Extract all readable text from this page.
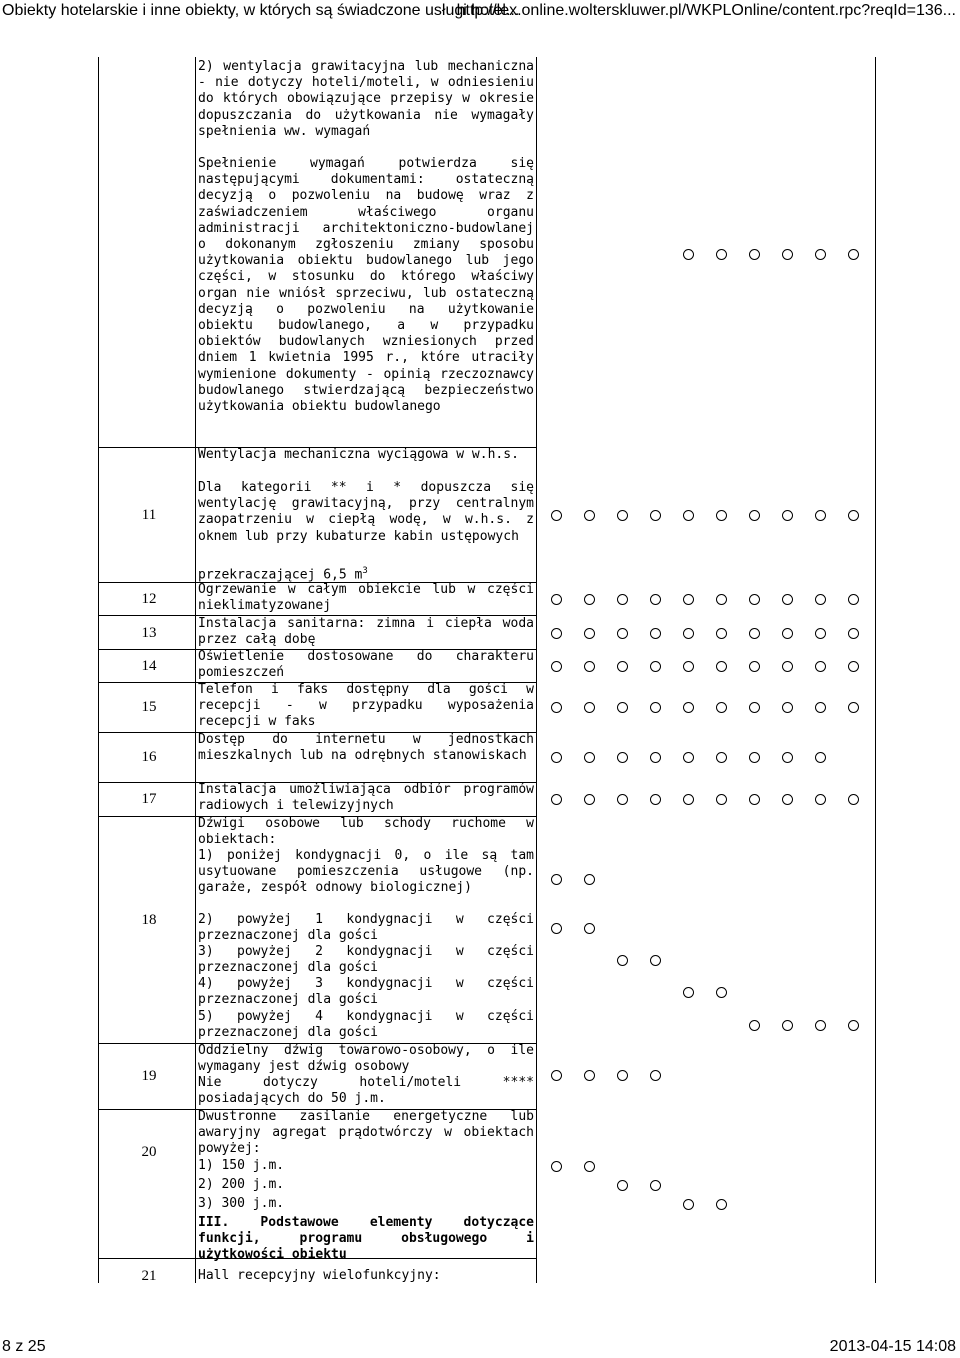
Obiekty hotelarskie i inne obiekty, w których są świadczone usługi hotel...
http://lex.online.wolterskluwer.pl/WKPLOnline/content.rpc?reqId=136...
2) wentylacja grawitacyjna lub mechaniczna - nie dotyczy hoteli/moteli, w odniesieniu do których obowiązujące przepisy w okresie dopuszczania do użytkowania nie wymagały spełnienia ww. wymagań
Spełnienie wymagań potwierdza się następującymi dokumentami: ostateczną decyzją o pozwoleniu na budowę wraz z zaświadczeniem właściwego organu administracji architektoniczno-budowlanej o dokonanym zgłoszeniu zmiany sposobu użytkowania obiektu budowlanego lub jego części, w stosunku do którego właściwy organ nie wniósł sprzeciwu, lub ostateczną decyzją o pozwoleniu na użytkowanie obiektu budowlanego, a w przypadku obiektów budowlanych wzniesionych przed dniem 1 kwietnia 1995 r., które utraciły wymienione dokumenty - opinią rzeczoznawcy budowlanego stwierdzającą bezpieczeństwo użytkowania obiektu budowlanego
11
Wentylacja mechaniczna wyciągowa w w.h.s.
Dla kategorii ** i * dopuszcza się wentylację grawitacyjną, przy centralnym zaopatrzeniu w ciepłą wodę, w w.h.s. z oknem lub przy kubaturze kabin ustępowych
przekraczającej 6,5 $m^3$
12
Ogrzewanie w całym obiekcie lub w części nieklimatyzowanej
13
Instalacja sanitarna: zimna i ciepła woda przez całą dobę
14
Oświetlenie dostosowane do charakteru pomieszczeń
15
Telefon i faks dostępny dla gości w recepcji - w przypadku wyposażenia recepcji w faks
16
Dostęp do internetu w jednostkach mieszkalnych lub na odrębnych stanowiskach
17
Instalacja umożliwiająca odbiór programów radiowych i telewizyjnych
18
Dźwigi osobowe lub schody ruchome w obiektach:
1) poniżej kondygnacji 0, o ile są tam usytuowane pomieszczenia usługowe (np. garaże, zespół odnowy biologicznej)
2) powyżej 1 kondygnacji w części przeznaczonej dla gości
3) powyżej 2 kondygnacji w części przeznaczonej dla gości
4) powyżej 3 kondygnacji w części przeznaczonej dla gości
5) powyżej 4 kondygnacji w części przeznaczonej dla gości
19
Oddzielny dźwig towarowo-osobowy, o ile wymagany jest dźwig osobowy
Nie dotyczy hoteli/moteli **** posiadających do 50 j.m.
20
Dwustronne zasilanie energetyczne lub awaryjny agregat prądotwórczy w obiektach powyżej:
1) 150 j.m.
2) 200 j.m.
3) 300 j.m.
III. Podstawowe elementy dotyczące funkcji, programu obsługowego i użytkowości obiektu
21	Hall recepcyjny wielofunkcyjny:
8 z 25	2013-04-15 14:08
